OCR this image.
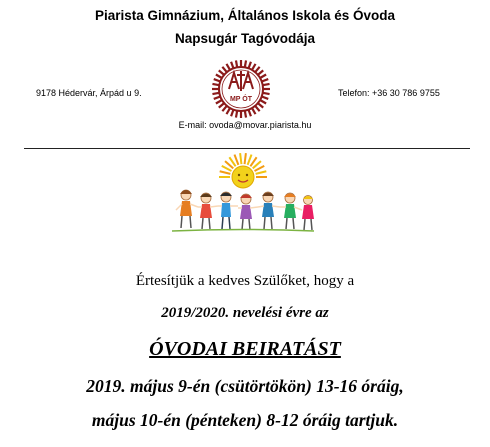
Piarista Gimnázium, Általános Iskola és Óvoda
Napsugár Tagóvodája
9178 Hédervár, Árpád u 9.	Telefon: +36 30 786 9755
MP ÓT
E-mail: ovoda@movar.piarista.hu
Értesítjük a kedves Szülőket, hogy a
2019/2020. nevelési évre az
ÓVODAI BEIRATÁST
2019. május 9-én (csütörtökön) 13-16 óráig,
május 10-én (pénteken) 8-12 óráig tartjuk.
